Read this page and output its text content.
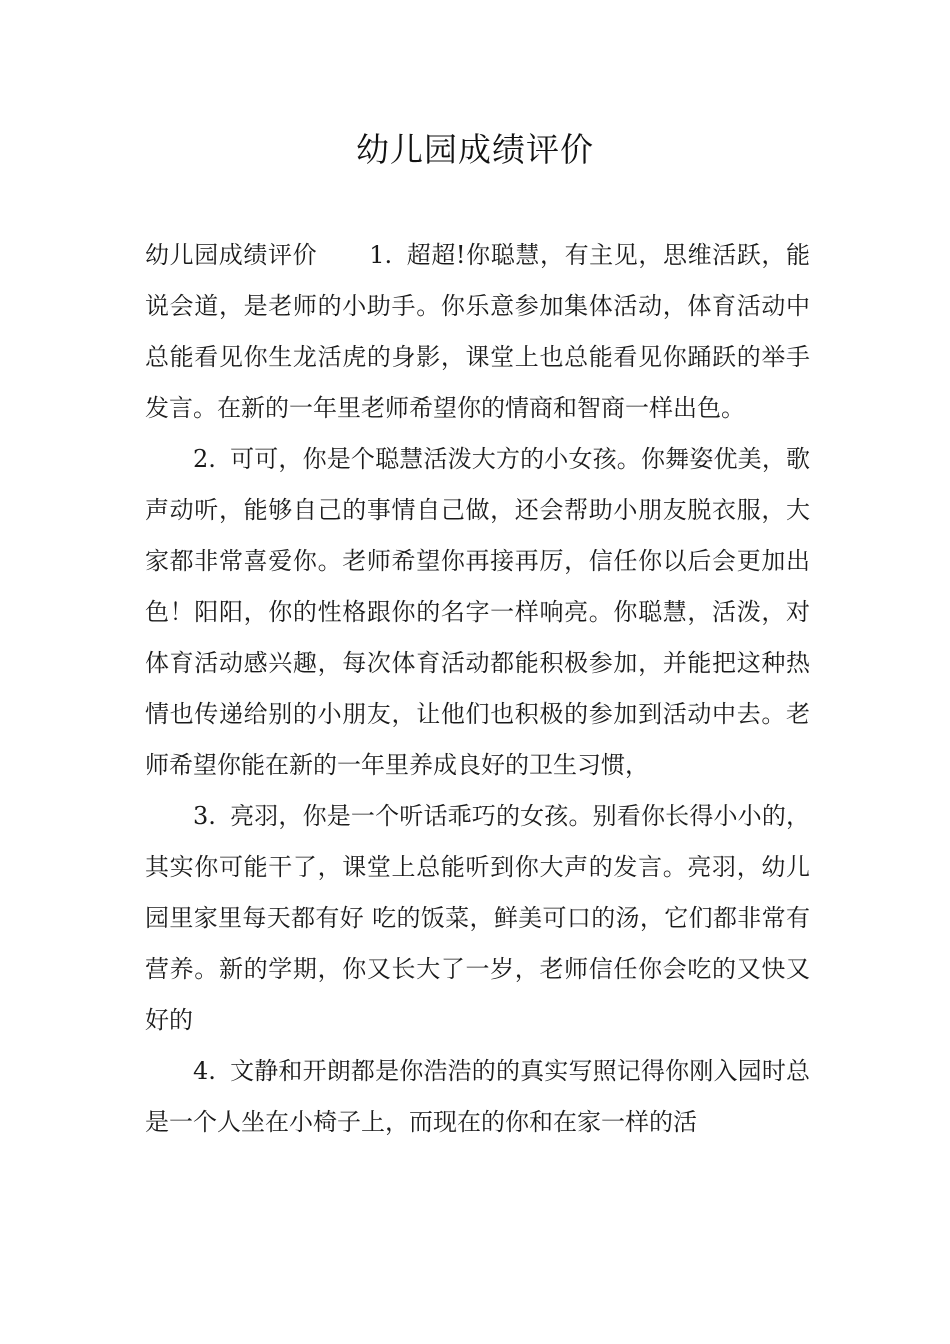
幼儿园成绩评价

幼儿园成绩评价 1. 超超!你聪慧，有主见，思维活跃，能说会道，是老师的小助手。你乐意参加集体活动，体育活动中总能看见你生龙活虎的身影，课堂上也总能看见你踊跃的举手发言。在新的一年里老师希望你的情商和智商一样出色。

2. 可可，你是个聪慧活泼大方的小女孩。你舞姿优美，歌声动听，能够自己的事情自己做，还会帮助小朋友脱衣服，大家都非常喜爱你。老师希望你再接再厉，信任你以后会更加出色！阳阳，你的性格跟你的名字一样响亮。你聪慧，活泼，对体育活动感兴趣，每次体育活动都能积极参加，并能把这种热情也传递给别的小朋友，让他们也积极的参加到活动中去。老师希望你能在新的一年里养成良好的卫生习惯，

3. 亮羽，你是一个听话乖巧的女孩。别看你长得小小的，其实你可能干了，课堂上总能听到你大声的发言。亮羽，幼儿园里家里每天都有好 吃的饭菜，鲜美可口的汤，它们都非常有营养。新的学期，你又长大了一岁，老师信任你会吃的又快又好的

4. 文静和开朗都是你浩浩的的真实写照记得你刚入园时总是一个人坐在小椅子上，而现在的你和在家一样的活
